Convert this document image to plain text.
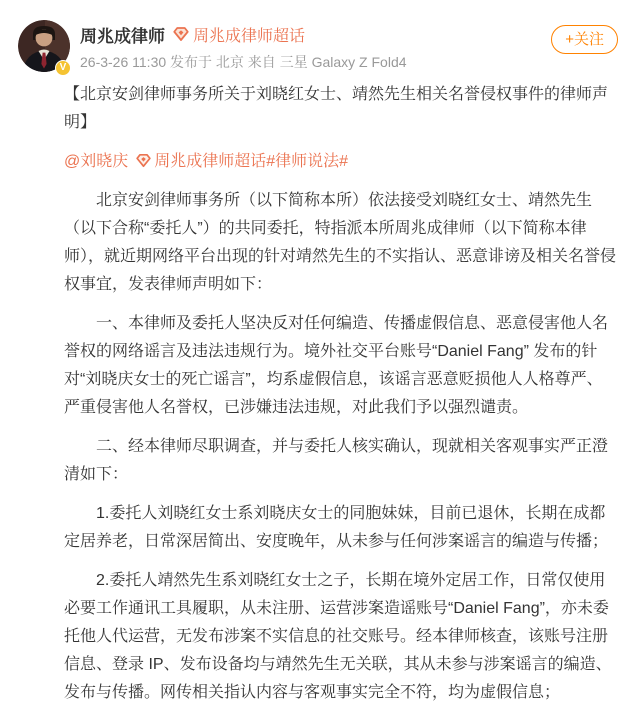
V
周兆成律师 周兆成律师超话
26-3-26 11:30 发布于 北京 来自 三星 Galaxy Z Fold4
+关注

【北京安剑律师事务所关于刘晓红女士、靖然先生相关名誉侵权事件的律师声明】

@刘晓庆 周兆成律师超话#律师说法#

北京安剑律师事务所（以下简称本所）依法接受刘晓红女士、靖然先生（以下合称“委托人”）的共同委托，特指派本所周兆成律师（以下简称本律师），就近期网络平台出现的针对靖然先生的不实指认、恶意诽谤及相关名誉侵权事宜，发表律师声明如下：

一、本律师及委托人坚决反对任何编造、传播虚假信息、恶意侵害他人名誉权的网络谣言及违法违规行为。境外社交平台账号“Daniel Fang” 发布的针对“刘晓庆女士的死亡谣言”，均系虚假信息，该谣言恶意贬损他人人格尊严、严重侵害他人名誉权，已涉嫌违法违规，对此我们予以强烈谴责。

二、经本律师尽职调查，并与委托人核实确认，现就相关客观事实严正澄清如下：

1.委托人刘晓红女士系刘晓庆女士的同胞妹妹，目前已退休，长期在成都定居养老，日常深居简出、安度晚年，从未参与任何涉案谣言的编造与传播；

2.委托人靖然先生系刘晓红女士之子，长期在境外定居工作，日常仅使用必要工作通讯工具履职，从未注册、运营涉案造谣账号“Daniel Fang”，亦未委托他人代运营，无发布涉案不实信息的社交账号。经本律师核查，该账号注册信息、登录 IP、发布设备均与靖然先生无关联，其从未参与涉案谣言的编造、发布与传播。网传相关指认内容与客观事实完全不符，均为虚假信息；
